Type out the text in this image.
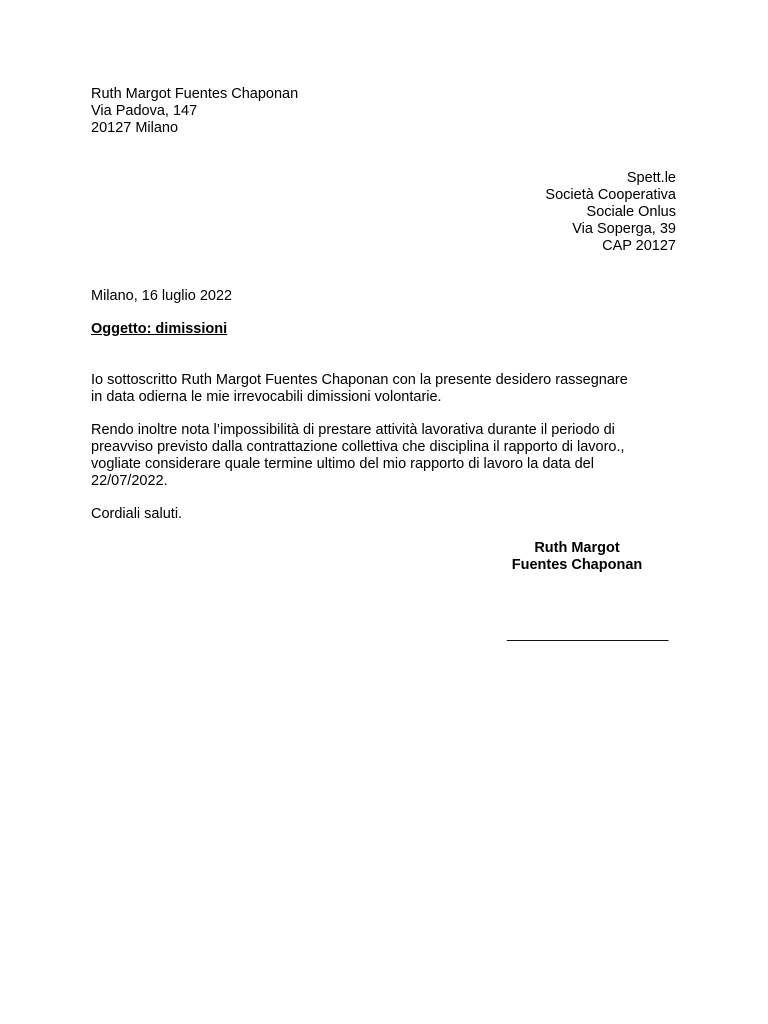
Ruth Margot Fuentes Chaponan
Via Padova, 147
20127 Milano
Spett.le
Società Cooperativa
Sociale Onlus
Via Soperga, 39
CAP 20127
Milano, 16 luglio 2022
Oggetto: dimissioni

Io sottoscritto Ruth Margot Fuentes Chaponan con la presente desidero rassegnare
in data odierna le mie irrevocabili dimissioni volontarie.

Rendo inoltre nota l’impossibilità di prestare attività lavorativa durante il periodo di
preavviso previsto dalla contrattazione collettiva che disciplina il rapporto di lavoro.,
vogliate considerare quale termine ultimo del mio rapporto di lavoro la data del
22/07/2022.

Cordiali saluti.
Ruth Margot
Fuentes Chaponan
____________________
